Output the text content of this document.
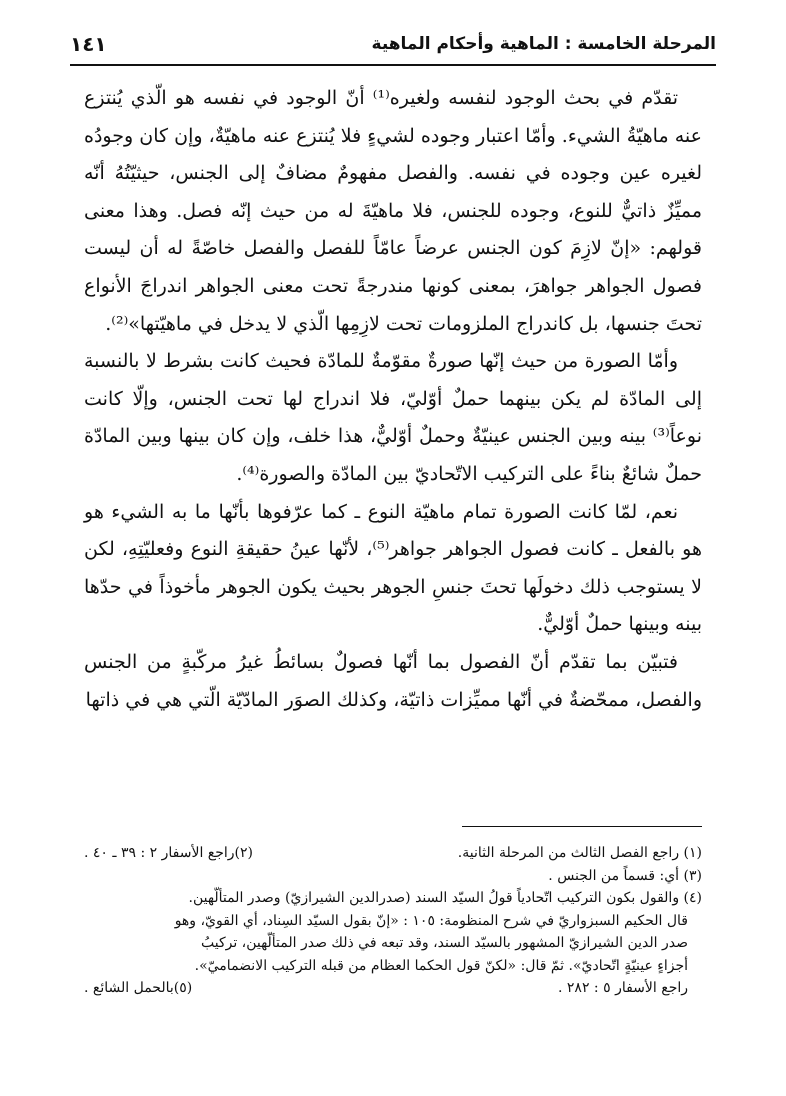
المرحلة الخامسة : الماهية وأحكام الماهية
١٤١

تقدّم في بحث الوجود لنفسه ولغيره⁽¹⁾ أنّ الوجود في نفسه هو الّذي يُنتزع عنه ماهيّةُ الشيء. وأمّا اعتبار وجوده لشيءٍ فلا يُنتزع عنه ماهيّةٌ، وإن كان وجودُه لغيره عين وجوده في نفسه. والفصل مفهومٌ مضافٌ إلى الجنس، حيثيّتُهُ أنّه مميِّزٌ ذاتيٌّ للنوع، وجوده للجنس، فلا ماهيّةَ له من حيث إنّه فصل. وهذا معنى قولهم: «إنّ لازِمَ كون الجنس عرضاً عامّاً للفصل والفصل خاصّةً له أن ليست فصول الجواهر جواهرَ، بمعنى كونها مندرجةً تحت معنى الجواهر اندراجَ الأنواع تحتَ جنسها، بل كاندراج الملزومات تحت لازِمِها الّذي لا يدخل في ماهيّتها»⁽²⁾.

وأمّا الصورة من حيث إنّها صورةٌ مقوّمةٌ للمادّة فحيث كانت بشرط لا بالنسبة إلى المادّة لم يكن بينهما حملٌ أوّليّ، فلا اندراج لها تحت الجنس، وإلّا كانت نوعاً⁽³⁾ بينه وبين الجنس عينيّةٌ وحملٌ أوّليٌّ، هذا خلف، وإن كان بينها وبين المادّة حملٌ شائعٌ بناءً على التركيب الاتّحاديّ بين المادّة والصورة⁽⁴⁾.

نعم، لمّا كانت الصورة تمام ماهيّة النوع ـ كما عرّفوها بأنّها ما به الشيء هو هو بالفعل ـ كانت فصول الجواهر جواهر⁽⁵⁾، لأنّها عينُ حقيقةِ النوع وفعليّتِهِ، لكن لا يستوجب ذلك دخولَها تحتَ جنسِ الجوهر بحيث يكون الجوهر مأخوذاً في حدّها بينه وبينها حملٌ أوّليٌّ.

فتبيّن بما تقدّم أنّ الفصول بما أنّها فصولٌ بسائطُ غيرُ مركّبةٍ من الجنس والفصل، ممحّضةٌ في أنّها مميِّزات ذاتيّة، وكذلك الصوَر المادّيّة الّتي هي في ذاتها

(١) راجع الفصل الثالث من المرحلة الثانية.
(٢)راجع الأسفار ٢ : ٣٩ ـ ٤٠ .
(٣) أي: قسماً من الجنس .
(٤) والقول بكون التركيب اتّحادياً قولُ السيّد السند (صدرالدين الشيرازيّ) وصدر المتألّهين.
قال الحكيم السبزواريّ في شرح المنظومة: ١٠٥ : «إنّ بقول السيّد السِناد، أي القويّ، وهو
صدر الدين الشيرازيّ المشهور بالسيّد السند، وقد تبعه في ذلك صدر المتألّهين، تركيبُ
أجزاءٍ عينيّةٍ اتّحاديّ». ثمّ قال: «لكنّ قول الحكما العظام من قبله التركيب الانضماميّ».
راجع الأسفار ٥ : ٢٨٢ .
(٥)بالحمل الشائع .
